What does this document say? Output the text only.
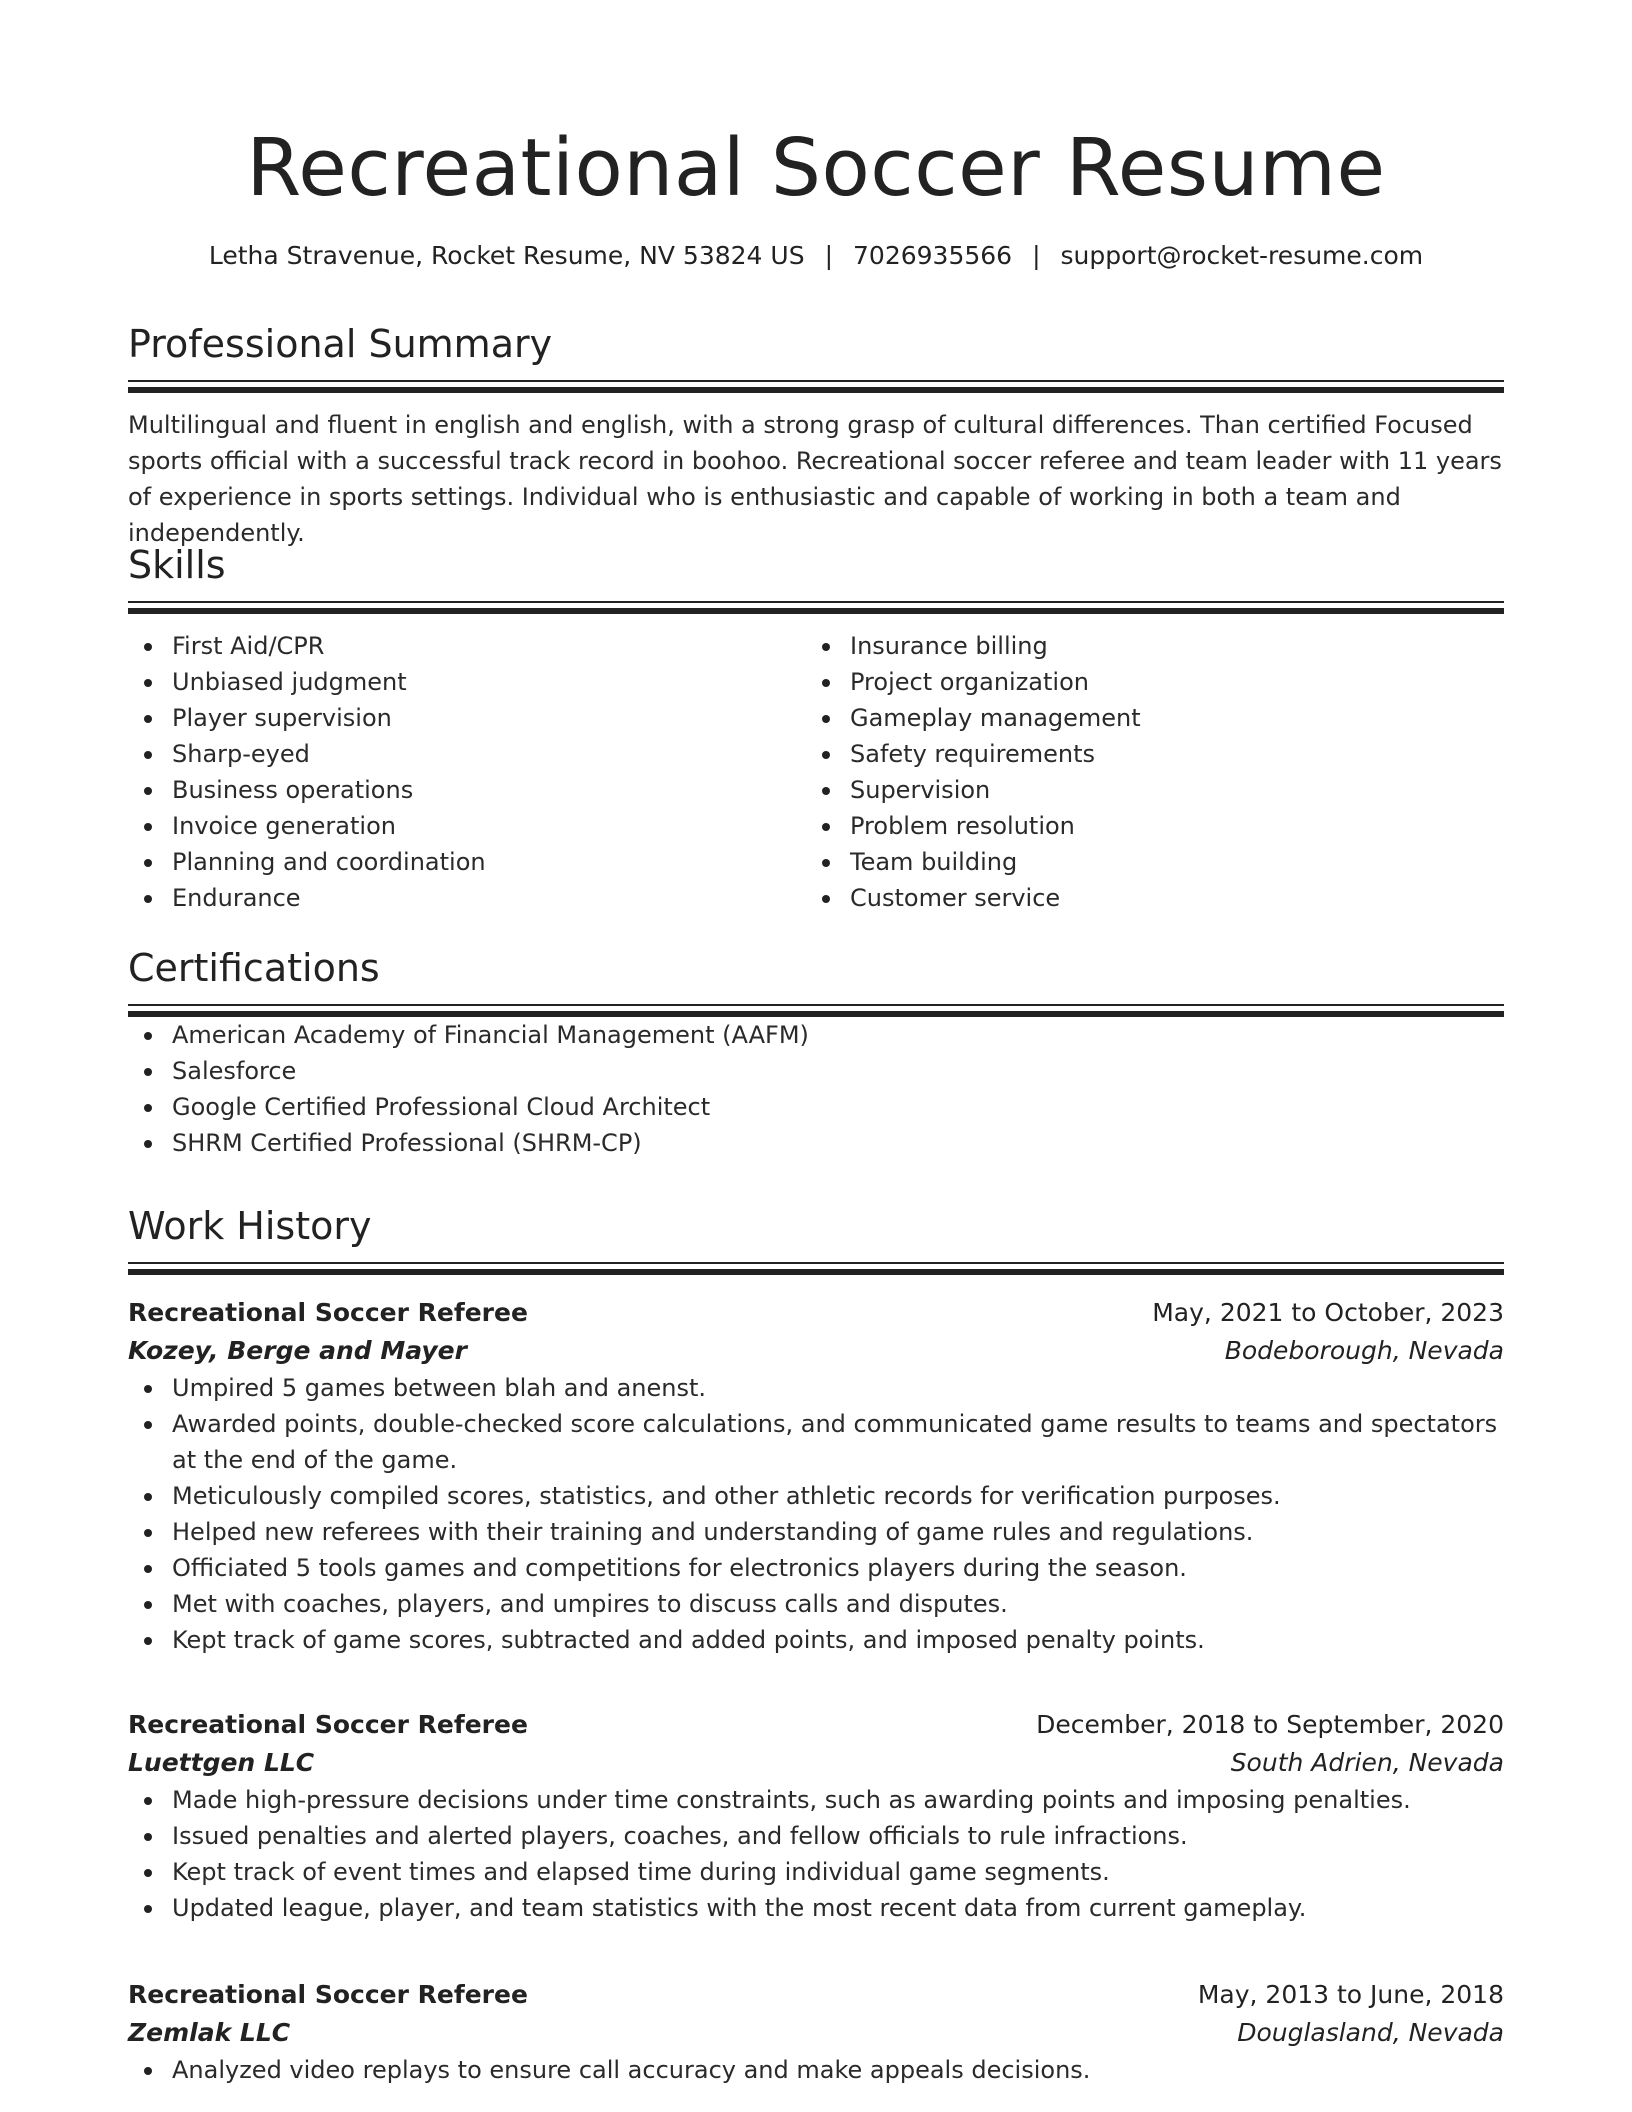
Recreational Soccer Resume
Letha Stravenue, Rocket Resume, NV 53824 US | 7026935566 | support@rocket-resume.com
Professional Summary
Multilingual and fluent in english and english, with a strong grasp of cultural differences. Than certified Focused sports official with a successful track record in boohoo. Recreational soccer referee and team leader with 11 years of experience in sports settings. Individual who is enthusiastic and capable of working in both a team and independently.
Skills
First Aid/CPR
Unbiased judgment
Player supervision
Sharp-eyed
Business operations
Invoice generation
Planning and coordination
Endurance
Insurance billing
Project organization
Gameplay management
Safety requirements
Supervision
Problem resolution
Team building
Customer service
Certifications
American Academy of Financial Management (AAFM)
Salesforce
Google Certified Professional Cloud Architect
SHRM Certified Professional (SHRM-CP)
Work History
Recreational Soccer Referee	May, 2021 to October, 2023
Kozey, Berge and Mayer	Bodeborough, Nevada
Umpired 5 games between blah and anenst.
Awarded points, double-checked score calculations, and communicated game results to teams and spectators at the end of the game.
Meticulously compiled scores, statistics, and other athletic records for verification purposes.
Helped new referees with their training and understanding of game rules and regulations.
Officiated 5 tools games and competitions for electronics players during the season.
Met with coaches, players, and umpires to discuss calls and disputes.
Kept track of game scores, subtracted and added points, and imposed penalty points.
Recreational Soccer Referee	December, 2018 to September, 2020
Luettgen LLC	South Adrien, Nevada
Made high-pressure decisions under time constraints, such as awarding points and imposing penalties.
Issued penalties and alerted players, coaches, and fellow officials to rule infractions.
Kept track of event times and elapsed time during individual game segments.
Updated league, player, and team statistics with the most recent data from current gameplay.
Recreational Soccer Referee	May, 2013 to June, 2018
Zemlak LLC	Douglasland, Nevada
Analyzed video replays to ensure call accuracy and make appeals decisions.
